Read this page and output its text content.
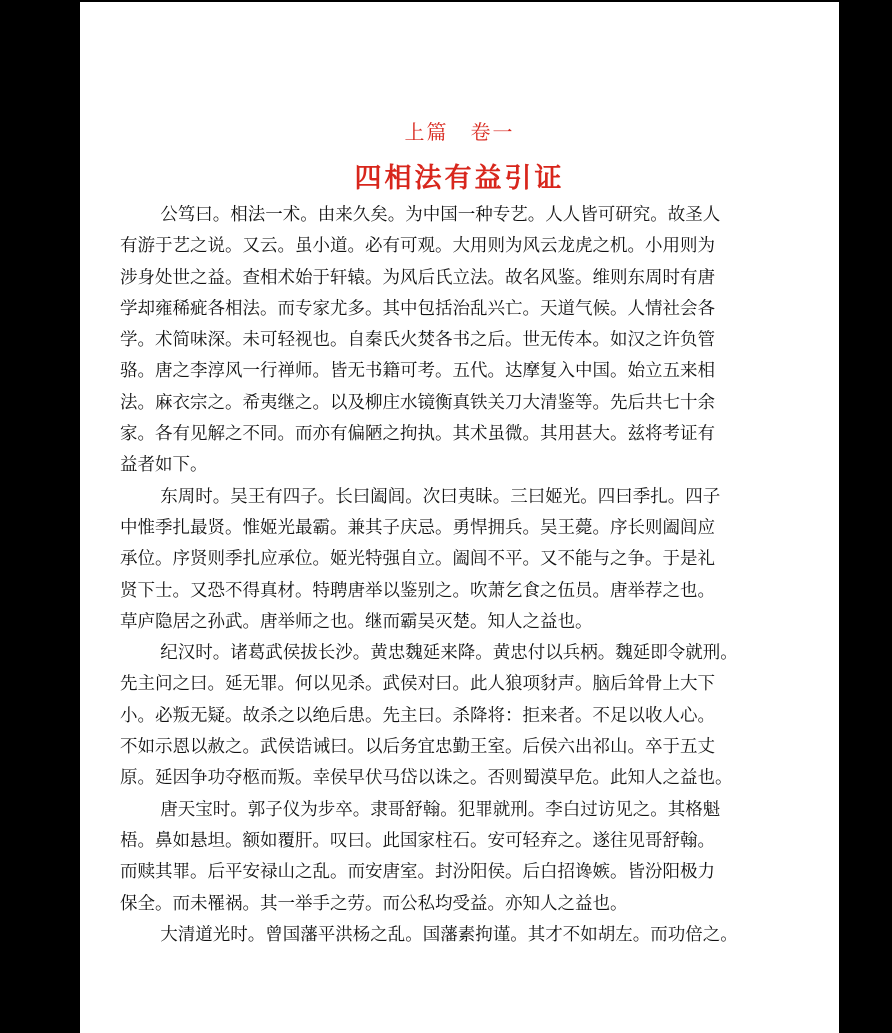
上篇　卷一
四相法有益引证

公笃曰。相法一术。由来久矣。为中国一种专艺。人人皆可研究。故圣人
有游于艺之说。又云。虽小道。必有可观。大用则为风云龙虎之机。小用则为
涉身处世之益。查相术始于轩辕。为风后氏立法。故名风鉴。维则东周时有唐
学却雍稀疵各相法。而专家尤多。其中包括治乱兴亡。天道气候。人情社会各
学。术简味深。未可轻视也。自秦氏火焚各书之后。世无传本。如汉之许负管
骆。唐之李淳风一行禅师。皆无书籍可考。五代。达摩复入中国。始立五来相
法。麻衣宗之。希夷继之。以及柳庄水镜衡真铁关刀大清鉴等。先后共七十余
家。各有见解之不同。而亦有偏陋之拘执。其术虽微。其用甚大。兹将考证有
益者如下。

东周时。吴王有四子。长曰阖闾。次曰夷昧。三曰姬光。四曰季扎。四子
中惟季扎最贤。惟姬光最霸。兼其子庆忌。勇悍拥兵。吴王薨。序长则阖闾应
承位。序贤则季扎应承位。姬光特强自立。阖闾不平。又不能与之争。于是礼
贤下士。又恐不得真材。特聘唐举以鉴别之。吹萧乞食之伍员。唐举荐之也。
草庐隐居之孙武。唐举师之也。继而霸吴灭楚。知人之益也。

纪汉时。诸葛武侯拔长沙。黄忠魏延来降。黄忠付以兵柄。魏延即令就刑。
先主问之曰。延无罪。何以见杀。武侯对曰。此人狼项豺声。脑后耸骨上大下
小。必叛无疑。故杀之以绝后患。先主曰。杀降将：拒来者。不足以收人心。
不如示恩以赦之。武侯诰诫曰。以后务宜忠勤王室。后侯六出祁山。卒于五丈
原。延因争功夺柩而叛。幸侯早伏马岱以诛之。否则蜀漠早危。此知人之益也。

唐天宝时。郭子仪为步卒。隶哥舒翰。犯罪就刑。李白过访见之。其格魁
梧。鼻如悬坦。额如覆肝。叹曰。此国家柱石。安可轻弃之。遂往见哥舒翰。
而赎其罪。后平安禄山之乱。而安唐室。封汾阳侯。后白招谗嫉。皆汾阳极力
保全。而未罹祸。其一举手之劳。而公私均受益。亦知人之益也。

大清道光时。曾国藩平洪杨之乱。国藩素拘谨。其才不如胡左。而功倍之。
